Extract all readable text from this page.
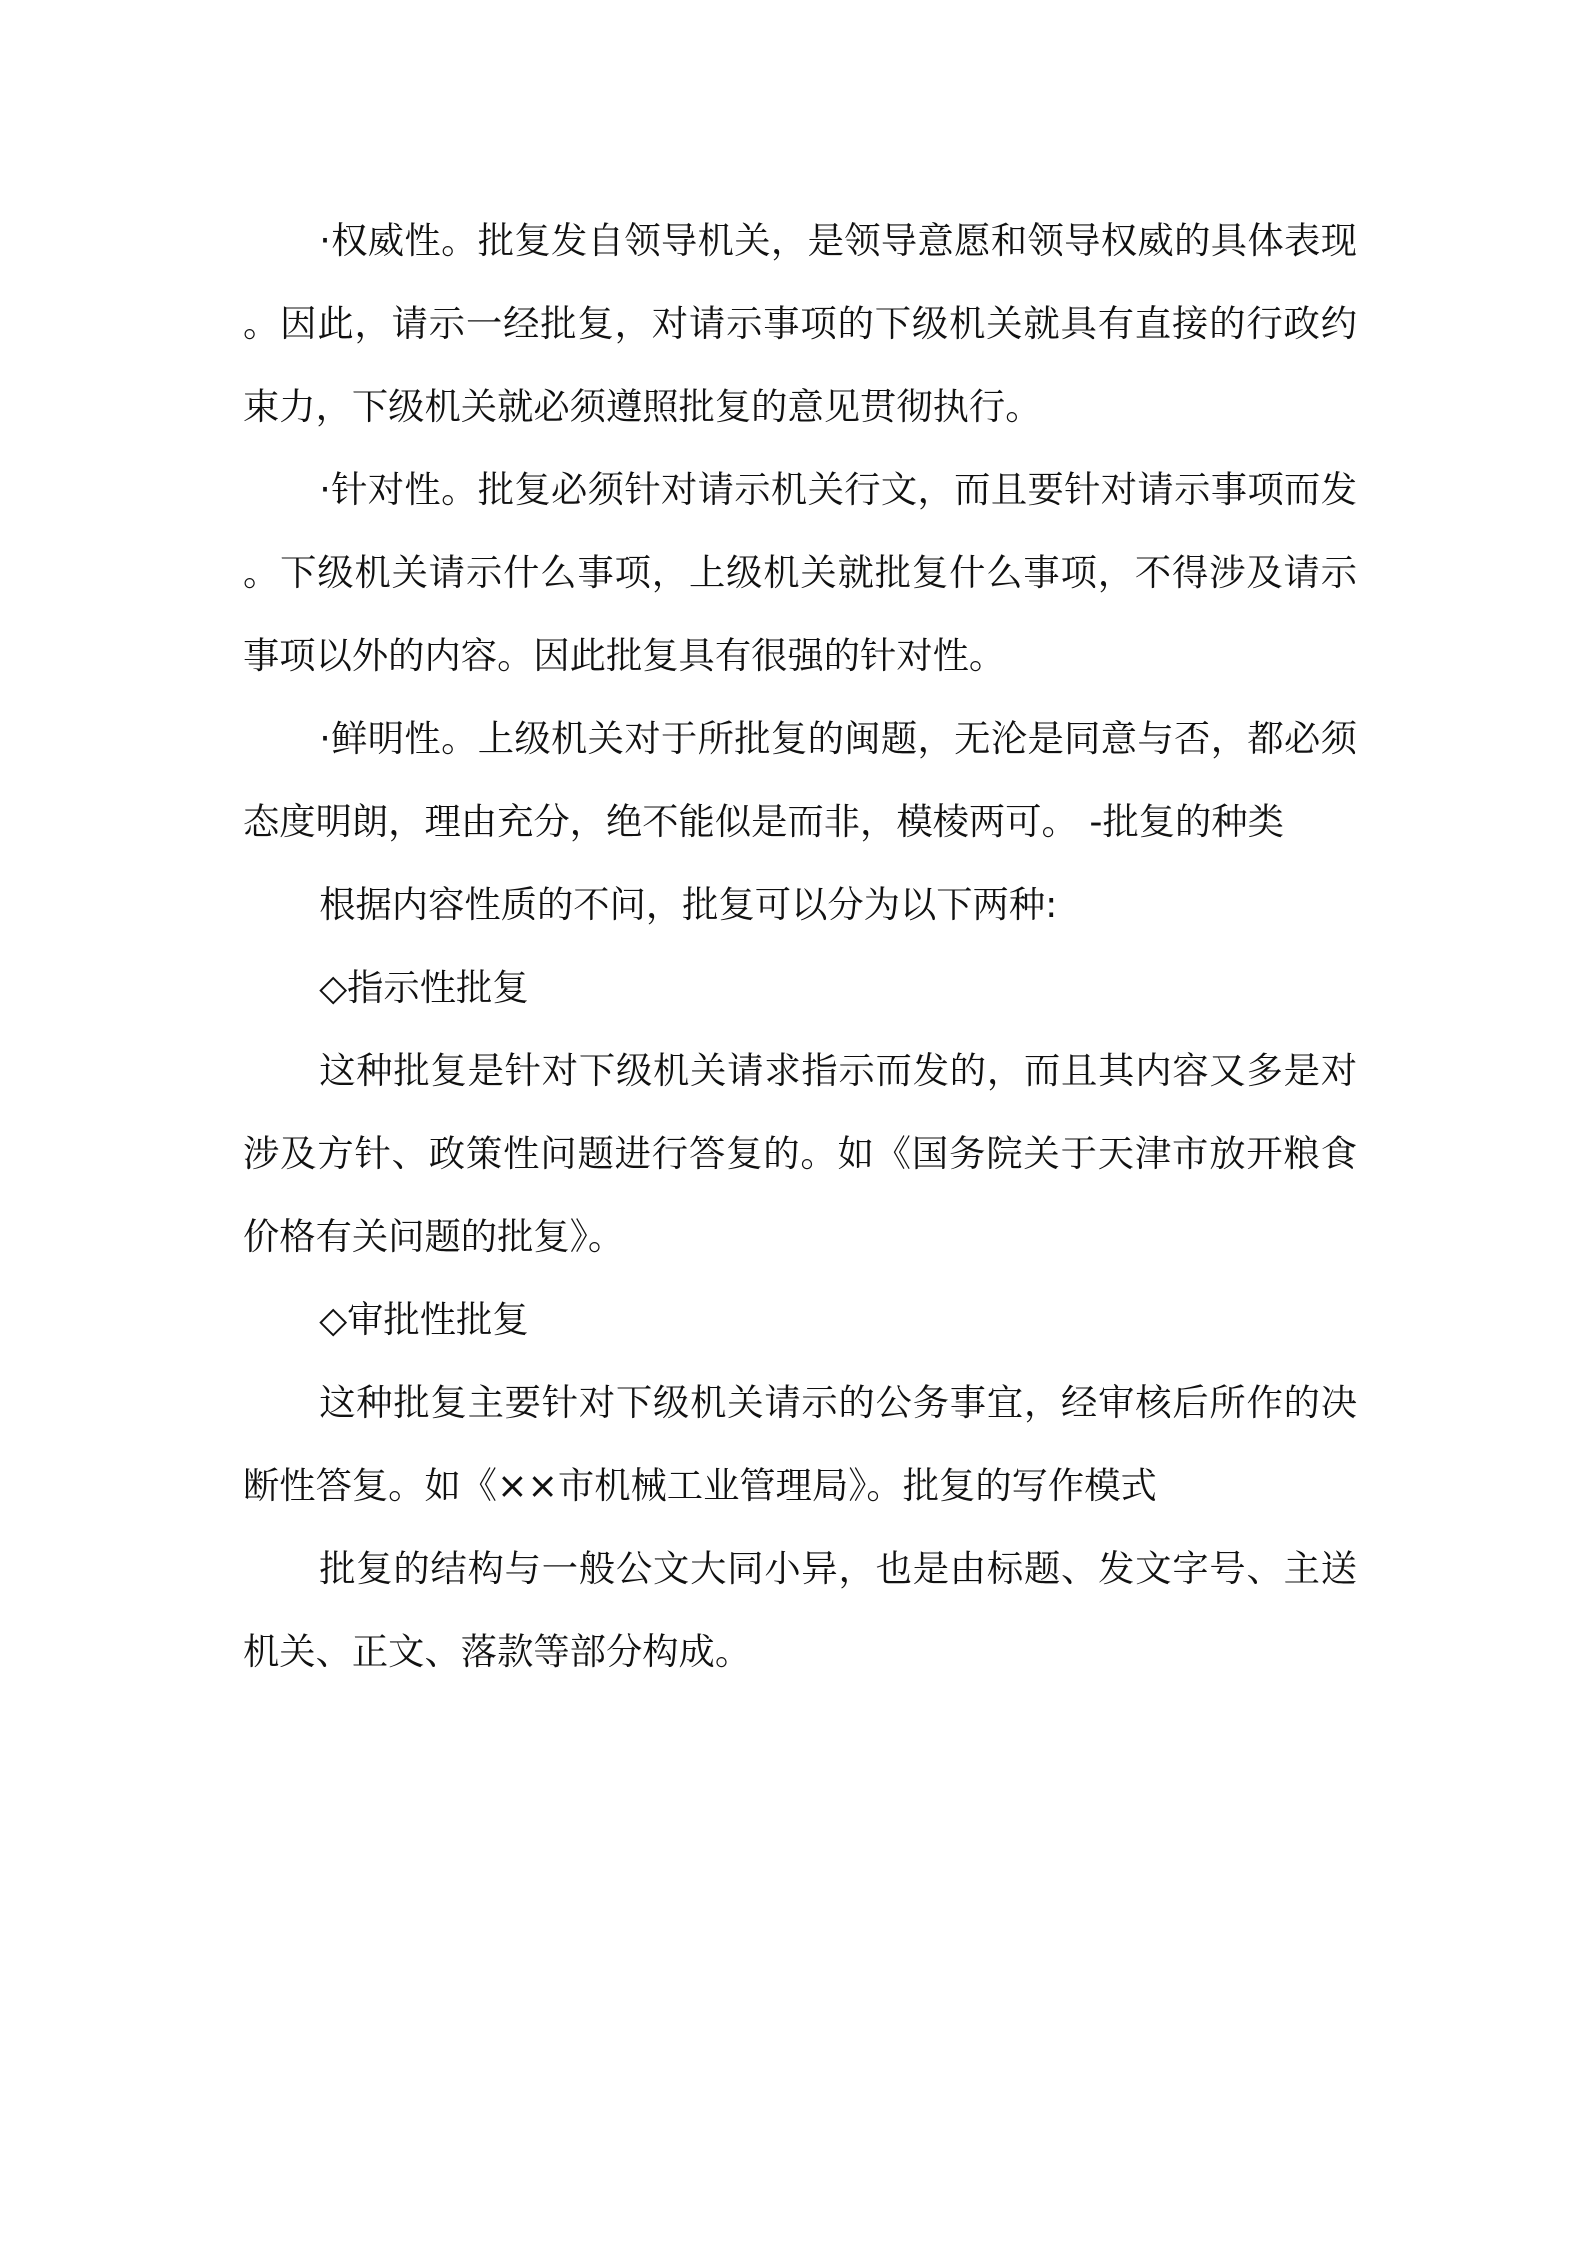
·权威性。批复发自领导机关，是领导意愿和领导权威的具体表现。因此，请示一经批复，对请示事项的下级机关就具有直接的行政约束力，下级机关就必须遵照批复的意见贯彻执行。

·针对性。批复必须针对请示机关行文，而且要针对请示事项而发。下级机关请示什么事项，上级机关就批复什么事项，不得涉及请示事项以外的内容。因此批复具有很强的针对性。

·鲜明性。上级机关对于所批复的闽题，无沦是同意与否，都必须态度明朗，理由充分，绝不能似是而非，模棱两可。 -批复的种类

根据内容性质的不问，批复可以分为以下两种:

◇指示性批复

这种批复是针对下级机关请求指示而发的，而且其内容又多是对涉及方针、政策性问题进行答复的。如《国务院关于天津市放开粮食价格有关问题的批复》。

◇审批性批复

这种批复主要针对下级机关请示的公务事宜，经审核后所作的决断性答复。如《××市机械工业管理局》。批复的写作模式

批复的结构与一般公文大同小异，也是由标题、发文字号、主送机关、正文、落款等部分构成。
